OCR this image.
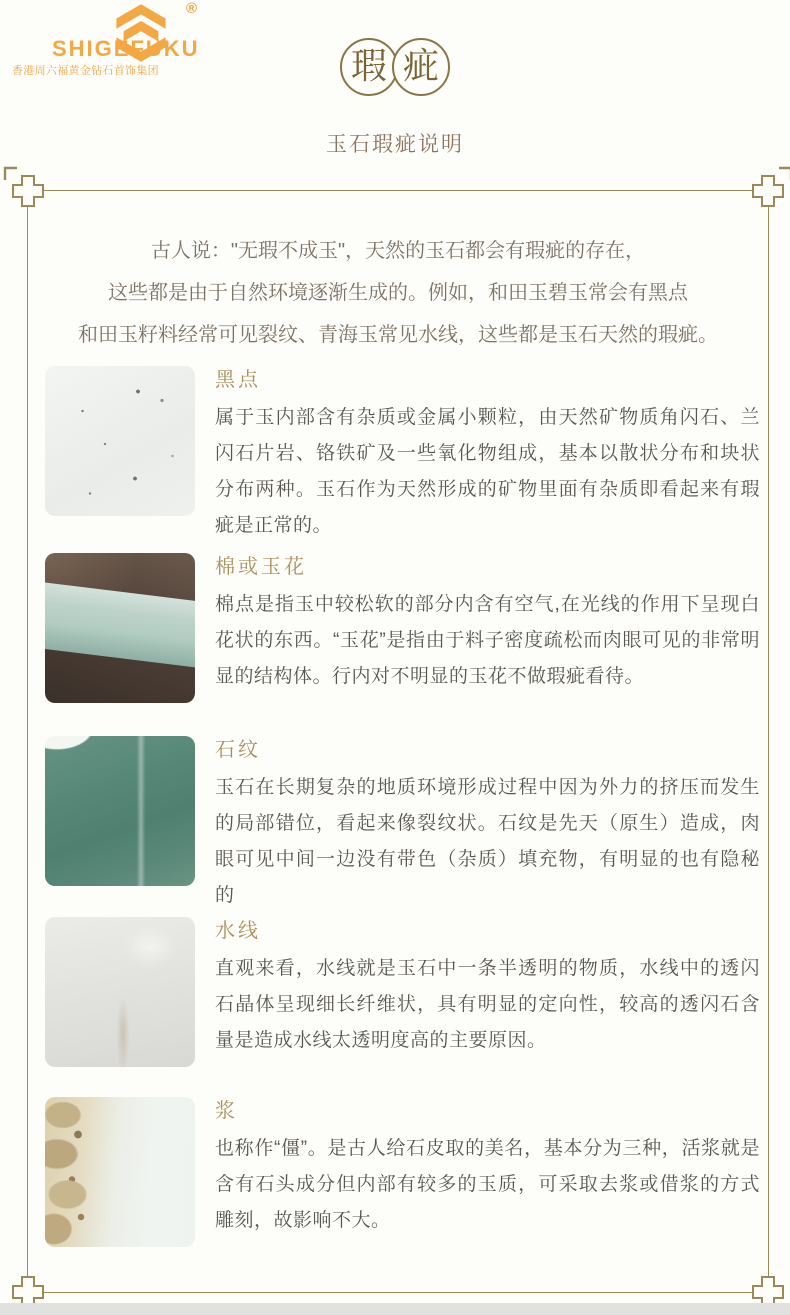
®
SHIGEFUKU
香港周六福黄金钻石首饰集团	瑕 疵
玉石瑕疵说明
古人说："无瑕不成玉"，天然的玉石都会有瑕疵的存在，
这些都是由于自然环境逐渐生成的。例如，和田玉碧玉常会有黑点
和田玉籽料经常可见裂纹、青海玉常见水线，这些都是玉石天然的瑕疵。
黑点
属于玉内部含有杂质或金属小颗粒，由天然矿物质角闪石、兰闪石片岩、铬铁矿及一些氧化物组成，基本以散状分布和块状分布两种。玉石作为天然形成的矿物里面有杂质即看起来有瑕疵是正常的。
棉或玉花
棉点是指玉中较松软的部分内含有空气,在光线的作用下呈现白花状的东西。“玉花”是指由于料子密度疏松而肉眼可见的非常明显的结构体。行内对不明显的玉花不做瑕疵看待。
石纹
玉石在长期复杂的地质环境形成过程中因为外力的挤压而发生的局部错位，看起来像裂纹状。石纹是先天（原生）造成，肉眼可见中间一边没有带色（杂质）填充物，有明显的也有隐秘的
水线
直观来看，水线就是玉石中一条半透明的物质，水线中的透闪石晶体呈现细长纤维状，具有明显的定向性，较高的透闪石含量是造成水线太透明度高的主要原因。
浆
也称作“僵”。是古人给石皮取的美名，基本分为三种，活浆就是含有石头成分但内部有较多的玉质，可采取去浆或借浆的方式雕刻，故影响不大。
